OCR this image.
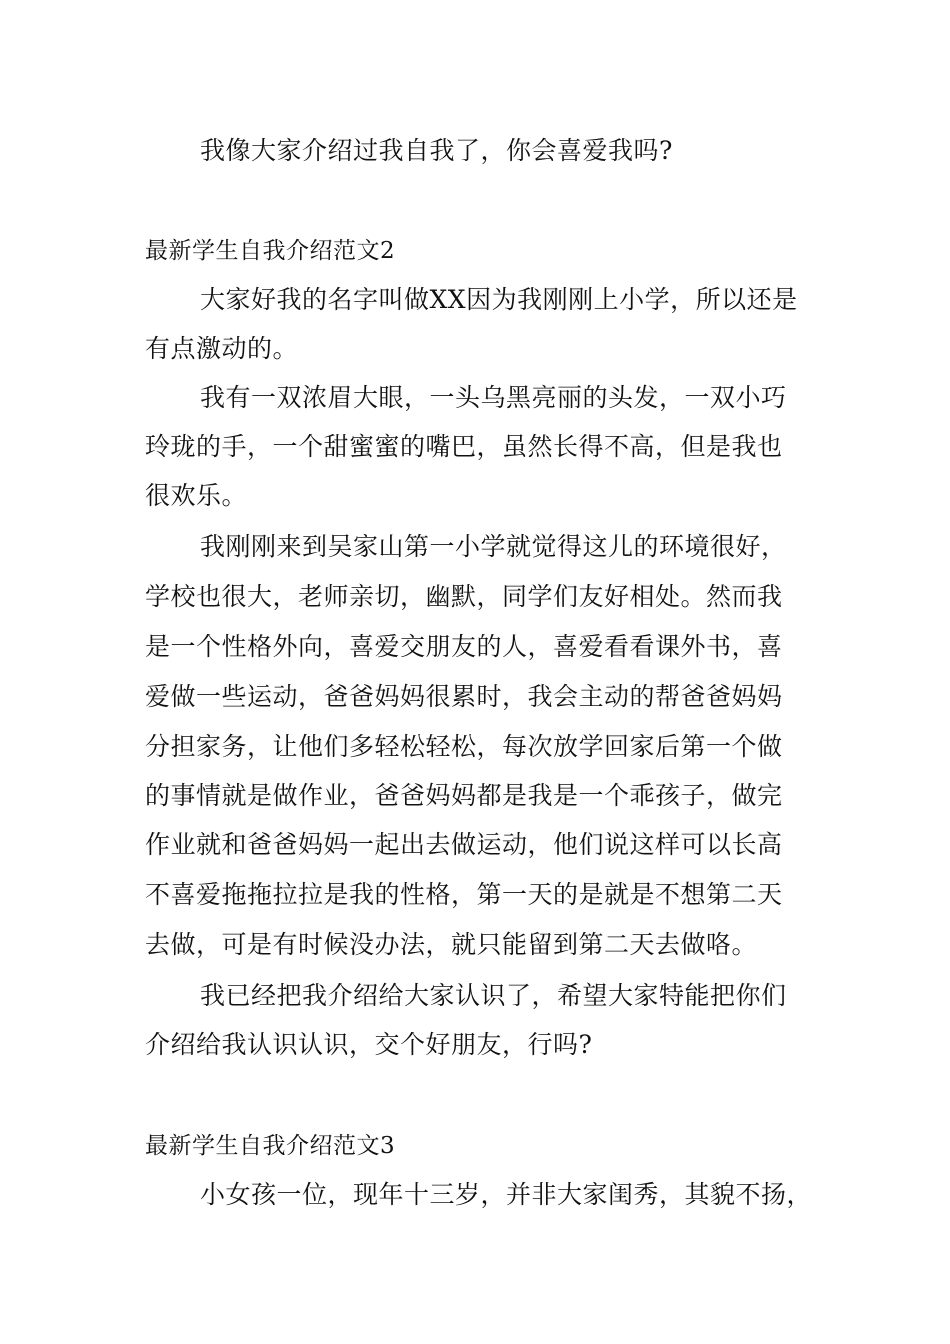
我像大家介绍过我自我了，你会喜爱我吗?
最新学生自我介绍范文2
大家好我的名字叫做XX因为我刚刚上小学，所以还是
有点激动的。
我有一双浓眉大眼，一头乌黑亮丽的头发，一双小巧
玲珑的手，一个甜蜜蜜的嘴巴，虽然长得不高，但是我也
很欢乐。
我刚刚来到吴家山第一小学就觉得这儿的环境很好，
学校也很大，老师亲切，幽默，同学们友好相处。然而我
是一个性格外向，喜爱交朋友的人，喜爱看看课外书，喜
爱做一些运动，爸爸妈妈很累时，我会主动的帮爸爸妈妈
分担家务，让他们多轻松轻松，每次放学回家后第一个做
的事情就是做作业，爸爸妈妈都是我是一个乖孩子，做完
作业就和爸爸妈妈一起出去做运动，他们说这样可以长高
不喜爱拖拖拉拉是我的性格，第一天的是就是不想第二天
去做，可是有时候没办法，就只能留到第二天去做咯。
我已经把我介绍给大家认识了，希望大家特能把你们
介绍给我认识认识，交个好朋友，行吗?
最新学生自我介绍范文3
小女孩一位，现年十三岁，并非大家闺秀，其貌不扬，
